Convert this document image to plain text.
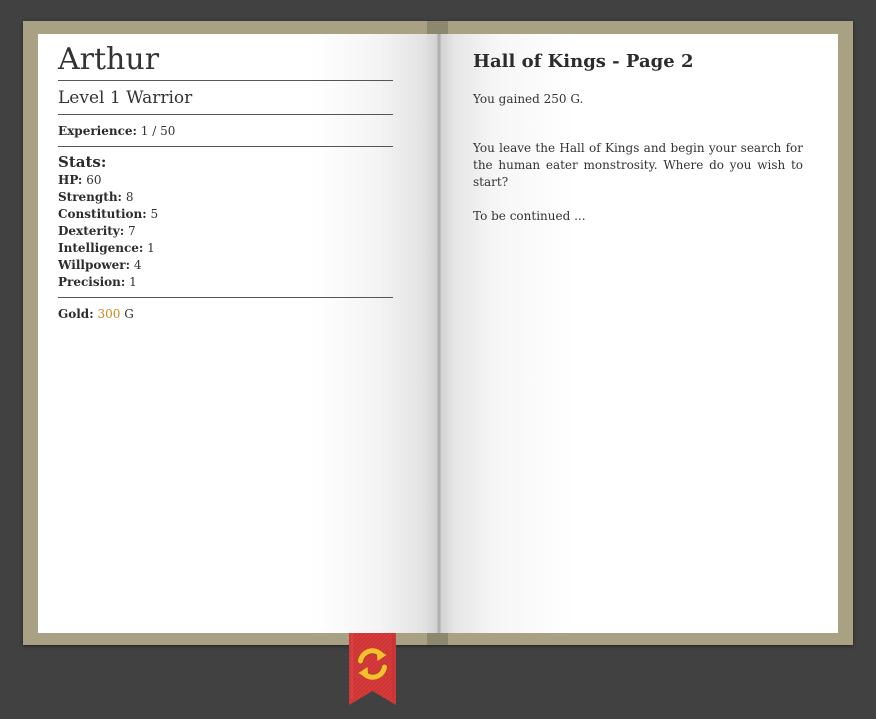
Arthur
Level 1 Warrior
Experience: 1 / 50
Stats:
HP: 60
Strength: 8
Constitution: 5
Dexterity: 7
Intelligence: 1
Willpower: 4
Precision: 1
Gold: 300 G
Hall of Kings - Page 2

You gained 250 G.

You leave the Hall of Kings and begin your search for the human eater monstrosity. Where do you wish to start?

To be continued ...
